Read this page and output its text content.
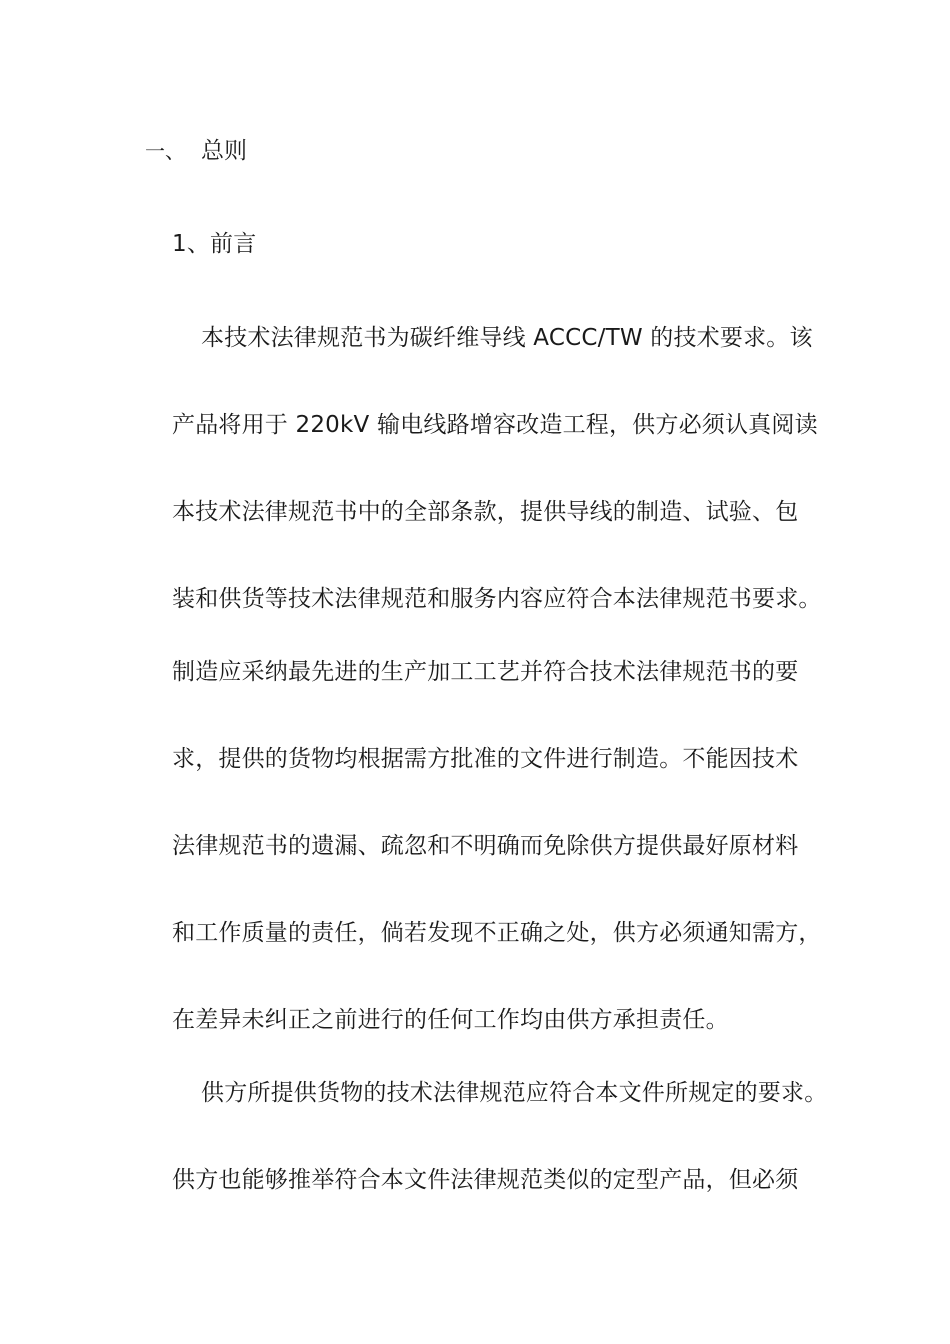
一、 总则
1、前言
本技术法律规范书为碳纤维导线 ACCC/TW 的技术要求。该
产品将用于 220kV 输电线路增容改造工程，供方必须认真阅读
本技术法律规范书中的全部条款，提供导线的制造、试验、包
装和供货等技术法律规范和服务内容应符合本法律规范书要求。
制造应采纳最先进的生产加工工艺并符合技术法律规范书的要
求，提供的货物均根据需方批准的文件进行制造。不能因技术
法律规范书的遗漏、疏忽和不明确而免除供方提供最好原材料
和工作质量的责任，倘若发现不正确之处，供方必须通知需方，
在差异未纠正之前进行的任何工作均由供方承担责任。
供方所提供货物的技术法律规范应符合本文件所规定的要求。
供方也能够推举符合本文件法律规范类似的定型产品，但必须
